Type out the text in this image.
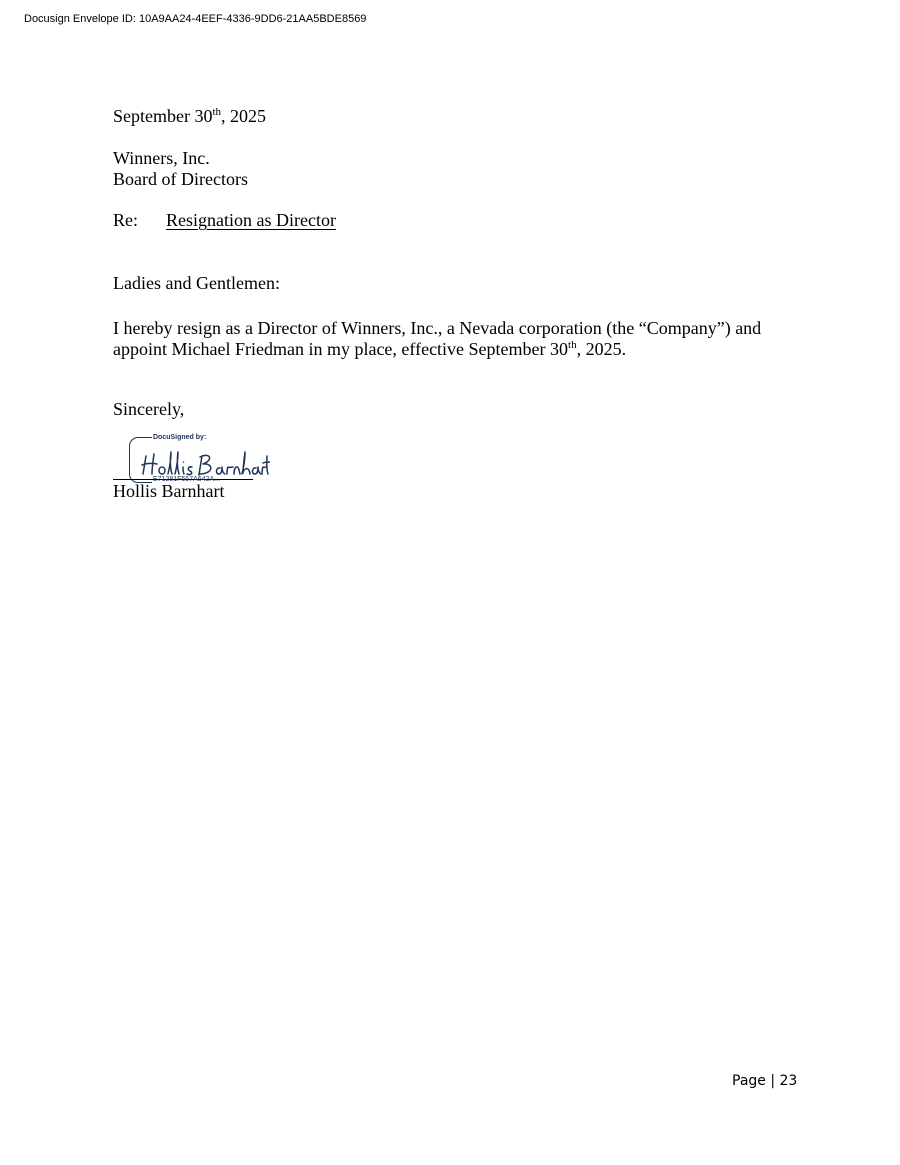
Docusign Envelope ID: 10A9AA24-4EEF-4336-9DD6-21AA5BDE8569
September 30th, 2025
Winners, Inc.
Board of Directors
Re: Resignation as Director
Ladies and Gentlemen:
I hereby resign as a Director of Winners, Inc., a Nevada corporation (the “Company”) and appoint Michael Friedman in my place, effective September 30th, 2025.
Sincerely,
DocuSigned by:
E71281F557A642A...
Hollis Barnhart
Page | 23
